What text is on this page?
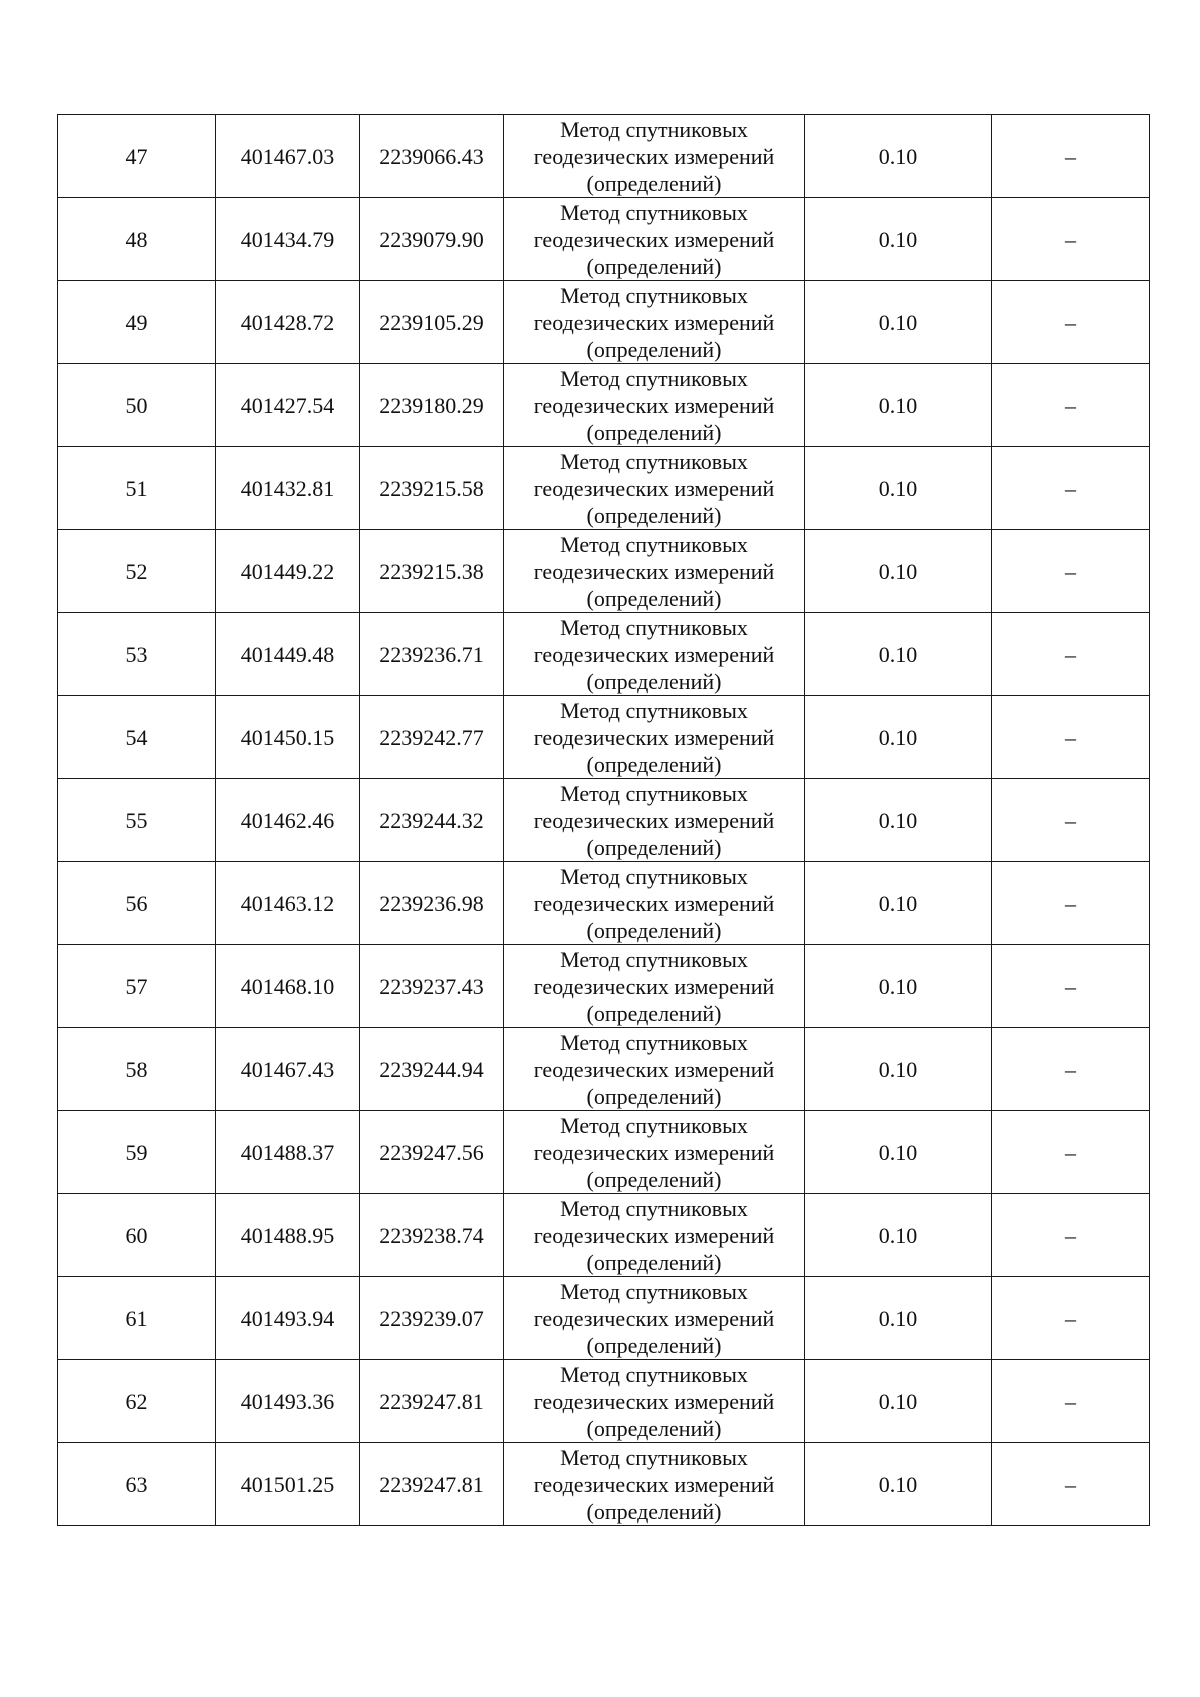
47	401467.03	2239066.43	Метод спутниковых геодезических измерений (определений)	0.10	–
48	401434.79	2239079.90	Метод спутниковых геодезических измерений (определений)	0.10	–
49	401428.72	2239105.29	Метод спутниковых геодезических измерений (определений)	0.10	–
50	401427.54	2239180.29	Метод спутниковых геодезических измерений (определений)	0.10	–
51	401432.81	2239215.58	Метод спутниковых геодезических измерений (определений)	0.10	–
52	401449.22	2239215.38	Метод спутниковых геодезических измерений (определений)	0.10	–
53	401449.48	2239236.71	Метод спутниковых геодезических измерений (определений)	0.10	–
54	401450.15	2239242.77	Метод спутниковых геодезических измерений (определений)	0.10	–
55	401462.46	2239244.32	Метод спутниковых геодезических измерений (определений)	0.10	–
56	401463.12	2239236.98	Метод спутниковых геодезических измерений (определений)	0.10	–
57	401468.10	2239237.43	Метод спутниковых геодезических измерений (определений)	0.10	–
58	401467.43	2239244.94	Метод спутниковых геодезических измерений (определений)	0.10	–
59	401488.37	2239247.56	Метод спутниковых геодезических измерений (определений)	0.10	–
60	401488.95	2239238.74	Метод спутниковых геодезических измерений (определений)	0.10	–
61	401493.94	2239239.07	Метод спутниковых геодезических измерений (определений)	0.10	–
62	401493.36	2239247.81	Метод спутниковых геодезических измерений (определений)	0.10	–
63	401501.25	2239247.81	Метод спутниковых геодезических измерений (определений)	0.10	–
